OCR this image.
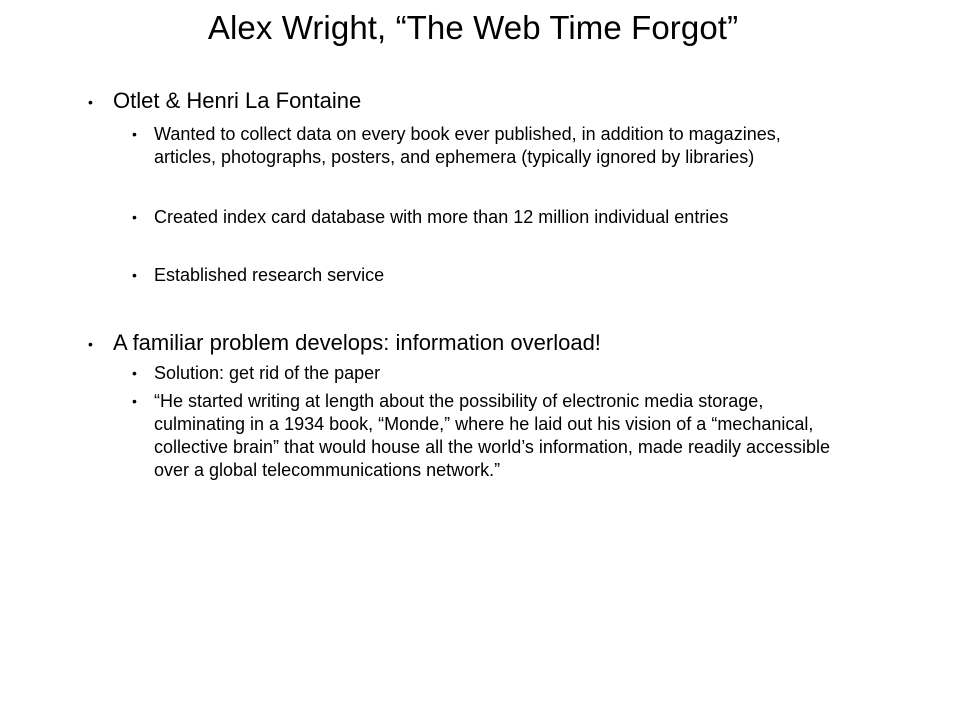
Alex Wright, “The Web Time Forgot”
• Otlet & Henri La Fontaine
• Wanted to collect data on every book ever published, in addition to magazines, articles, photographs, posters, and ephemera (typically ignored by libraries)
• Created index card database with more than 12 million individual entries
• Established research service
• A familiar problem develops: information overload!
• Solution: get rid of the paper
• “He started writing at length about the possibility of electronic media storage, culminating in a 1934 book, “Monde,” where he laid out his vision of a “mechanical, collective brain” that would house all the world’s information, made readily accessible over a global telecommunications network.”
